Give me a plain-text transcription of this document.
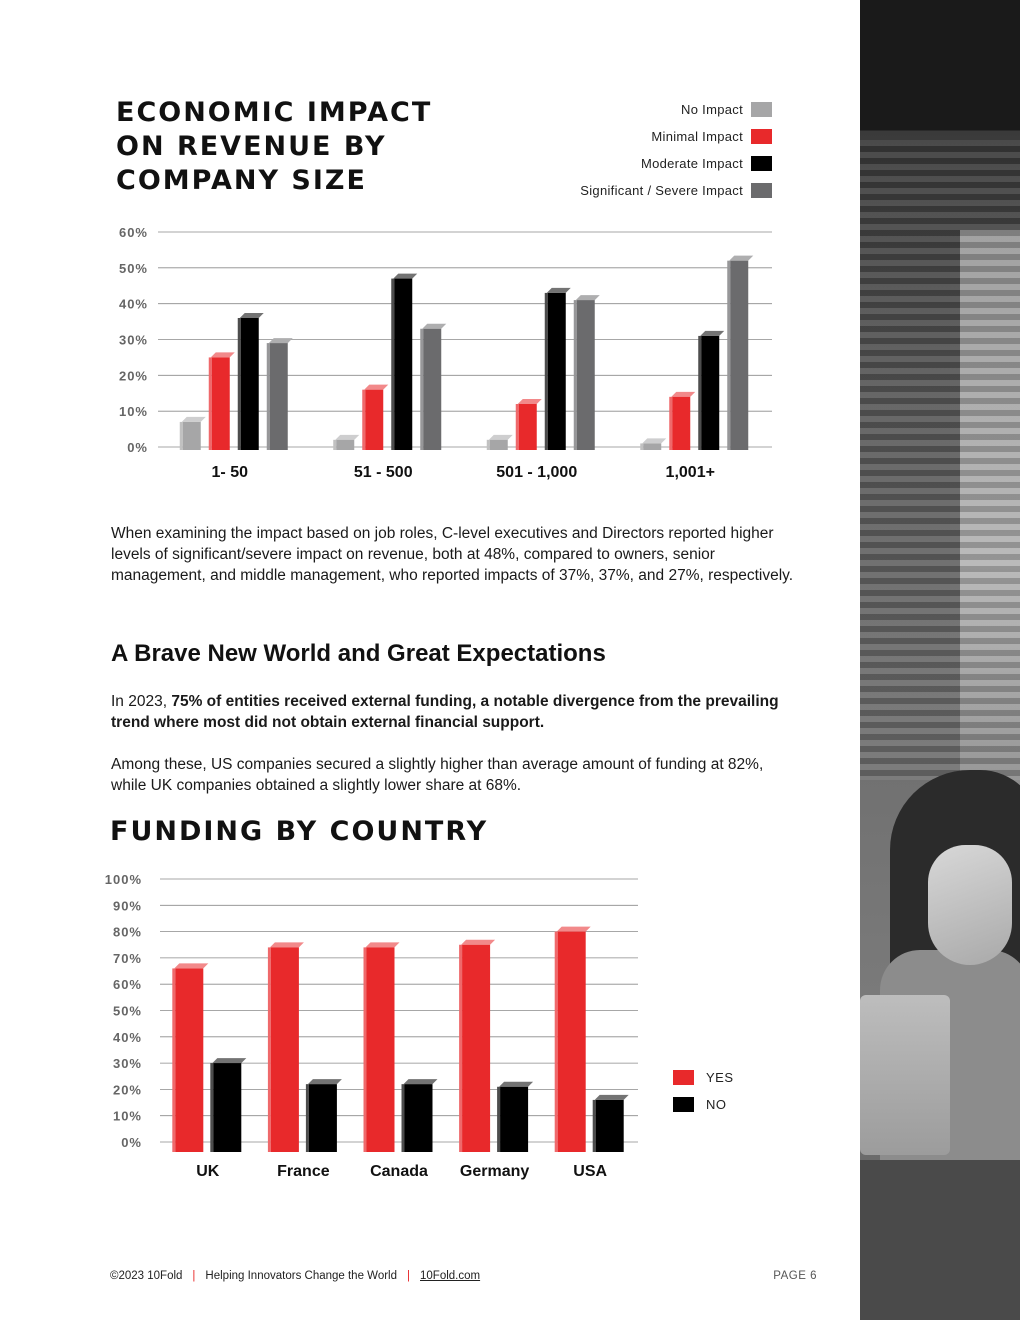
ECONOMIC IMPACT ON REVENUE BY COMPANY SIZE
No Impact
Minimal Impact
Moderate Impact
Significant / Severe Impact
0%
10%
20%
30%
40%
50%
60%
1- 50	51 - 500	501 - 1,000	1,001+

When examining the impact based on job roles, C-level executives and Directors reported higher levels of significant/severe impact on revenue, both at 48%, compared to owners, senior management, and middle management, who reported impacts of 37%, 37%, and 27%, respectively.

A Brave New World and Great Expectations

In 2023, 75% of entities received external funding, a notable divergence from the prevailing trend where most did not obtain external financial support.

Among these, US companies secured a slightly higher than average amount of funding at 82%, while UK companies obtained a slightly lower share at 68%.

FUNDING BY COUNTRY
0%
10%
20%
30%
40%
50%
60%
70%
80%
90%
100%
UK	France	Canada Germany	USA
YES
NO
©2023 10Fold | Helping Innovators Change the World | 10Fold.com	PAGE 6
